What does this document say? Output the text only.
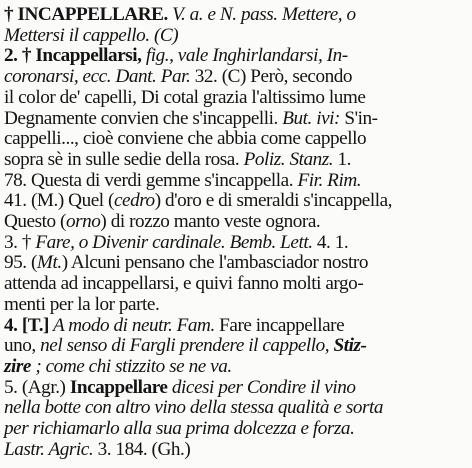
† INCAPPELLARE. V. a. e N. pass. Mettere, o
Mettersi il cappello. (C)
2. † Incappellarsi, fig., vale Inghirlandarsi, In-
coronarsi, ecc. Dant. Par. 32. (C) Però, secondo
il color de' capelli, Di cotal grazia l'altissimo lume
Degnamente convien che s'incappelli. But. ivi: S'in-
cappelli..., cioè conviene che abbia come cappello
sopra sè in sulle sedie della rosa. Poliz. Stanz. 1.
78. Questa di verdi gemme s'incappella. Fir. Rim.
41. (M.) Quel (cedro) d'oro e di smeraldi s'incappella,
Questo (orno) di rozzo manto veste ognora.
3. † Fare, o Divenir cardinale. Bemb. Lett. 4. 1.
95. (Mt.) Alcuni pensano che l'ambasciador nostro
attenda ad incappellarsi, e quivi fanno molti argo-
menti per la lor parte.
4. [T.] A modo di neutr. Fam. Fare incappellare
uno, nel senso di Fargli prendere il cappello, Stiz-
zire ; come chi stizzito se ne va.
5. (Agr.) Incappellare dicesi per Condire il vino
nella botte con altro vino della stessa qualità e sorta
per richiamarlo alla sua prima dolcezza e forza.
Lastr. Agric. 3. 184. (Gh.)
